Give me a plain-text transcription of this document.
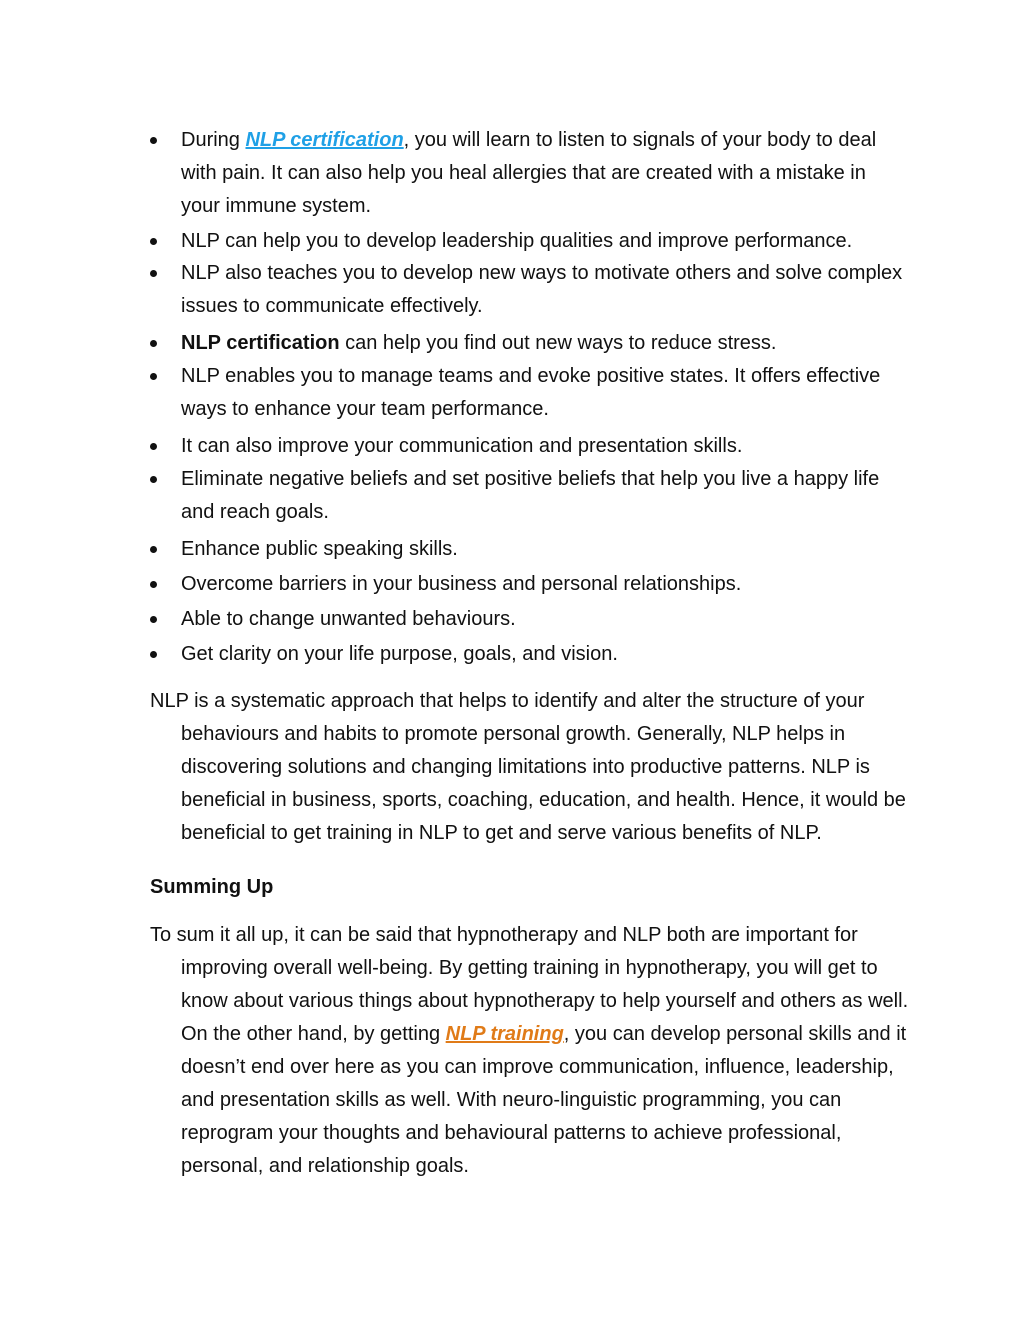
During NLP certification, you will learn to listen to signals of your body to deal with pain. It can also help you heal allergies that are created with a mistake in your immune system.
NLP can help you to develop leadership qualities and improve performance.
NLP also teaches you to develop new ways to motivate others and solve complex issues to communicate effectively.
NLP certification can help you find out new ways to reduce stress.
NLP enables you to manage teams and evoke positive states. It offers effective ways to enhance your team performance.
It can also improve your communication and presentation skills.
Eliminate negative beliefs and set positive beliefs that help you live a happy life and reach goals.
Enhance public speaking skills.
Overcome barriers in your business and personal relationships.
Able to change unwanted behaviours.
Get clarity on your life purpose, goals, and vision.

NLP is a systematic approach that helps to identify and alter the structure of your behaviours and habits to promote personal growth. Generally, NLP helps in discovering solutions and changing limitations into productive patterns. NLP is beneficial in business, sports, coaching, education, and health. Hence, it would be beneficial to get training in NLP to get and serve various benefits of NLP.

Summing Up

To sum it all up, it can be said that hypnotherapy and NLP both are important for improving overall well-being. By getting training in hypnotherapy, you will get to know about various things about hypnotherapy to help yourself and others as well. On the other hand, by getting NLP training, you can develop personal skills and it doesn’t end over here as you can improve communication, influence, leadership, and presentation skills as well. With neuro-linguistic programming, you can reprogram your thoughts and behavioural patterns to achieve professional, personal, and relationship goals.
